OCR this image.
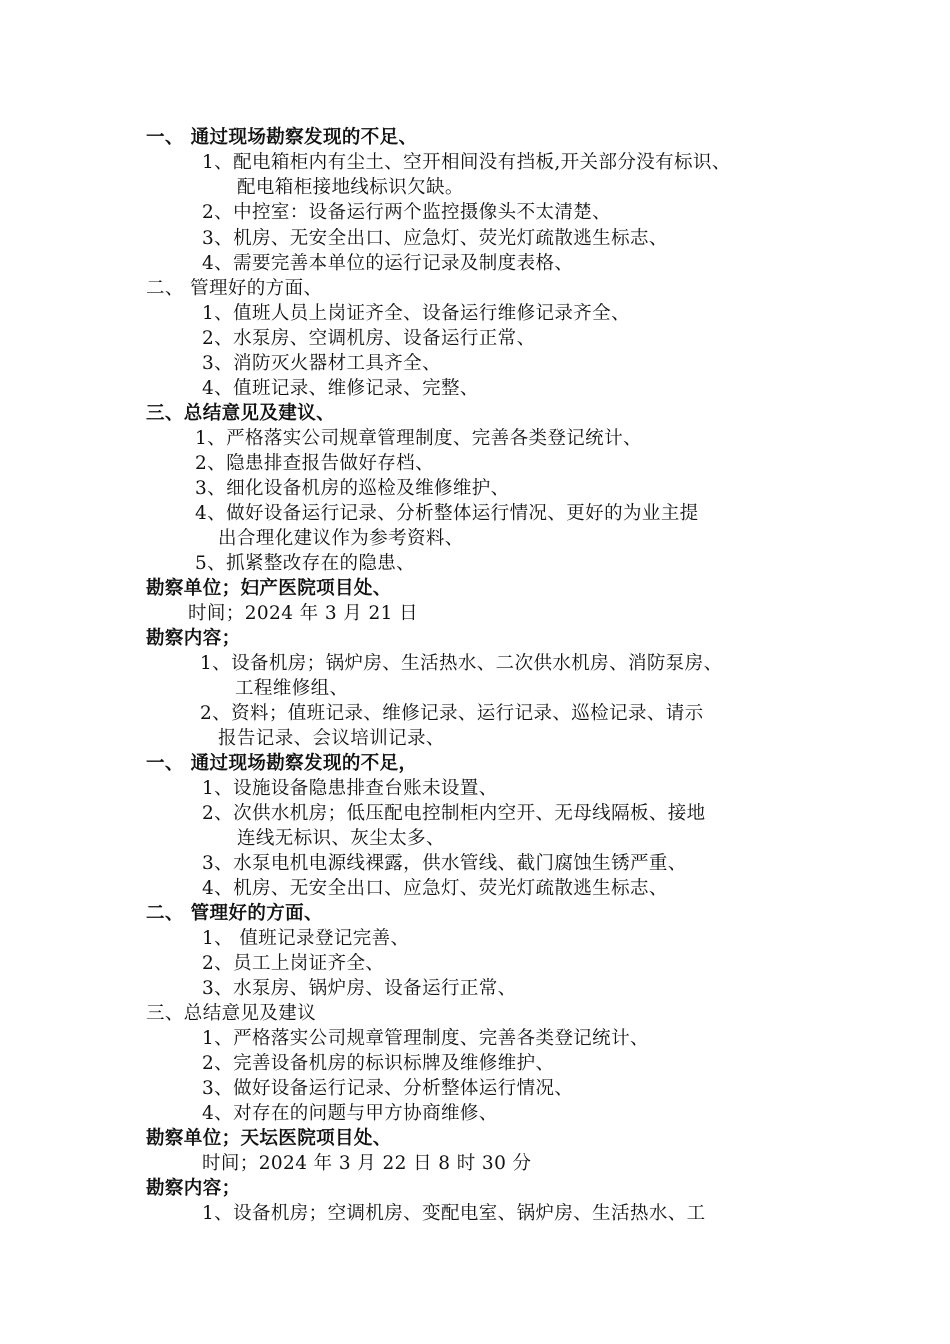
一、 通过现场勘察发现的不足、
1、配电箱柜内有尘土、空开相间没有挡板,开关部分没有标识、
配电箱柜接地线标识欠缺。
2、中控室：设备运行两个监控摄像头不太清楚、
3、机房、无安全出口、应急灯、荧光灯疏散逃生标志、
4、需要完善本单位的运行记录及制度表格、
二、 管理好的方面、
1、值班人员上岗证齐全、设备运行维修记录齐全、
2、水泵房、空调机房、设备运行正常、
3、消防灭火器材工具齐全、
4、值班记录、维修记录、完整、
三、总结意见及建议、
1、严格落实公司规章管理制度、完善各类登记统计、
2、隐患排查报告做好存档、
3、细化设备机房的巡检及维修维护、
4、做好设备运行记录、分析整体运行情况、更好的为业主提
出合理化建议作为参考资料、
5、抓紧整改存在的隐患、
勘察单位；妇产医院项目处、
时间；2024 年 3 月 21 日
勘察内容；
1、设备机房；锅炉房、生活热水、二次供水机房、消防泵房、
工程维修组、
2、资料；值班记录、维修记录、运行记录、巡检记录、请示
报告记录、会议培训记录、
一、 通过现场勘察发现的不足，
1、设施设备隐患排查台账未设置、
2、次供水机房；低压配电控制柜内空开、无母线隔板、接地
连线无标识、灰尘太多、
3、水泵电机电源线裸露，供水管线、截门腐蚀生锈严重、
4、机房、无安全出口、应急灯、荧光灯疏散逃生标志、
二、 管理好的方面、
1、 值班记录登记完善、
2、员工上岗证齐全、
3、水泵房、锅炉房、设备运行正常、
三、总结意见及建议
1、严格落实公司规章管理制度、完善各类登记统计、
2、完善设备机房的标识标牌及维修维护、
3、做好设备运行记录、分析整体运行情况、
4、对存在的问题与甲方协商维修、
勘察单位；天坛医院项目处、
时间；2024 年 3 月 22 日 8 时 30 分
勘察内容；
1、设备机房；空调机房、变配电室、锅炉房、生活热水、工
